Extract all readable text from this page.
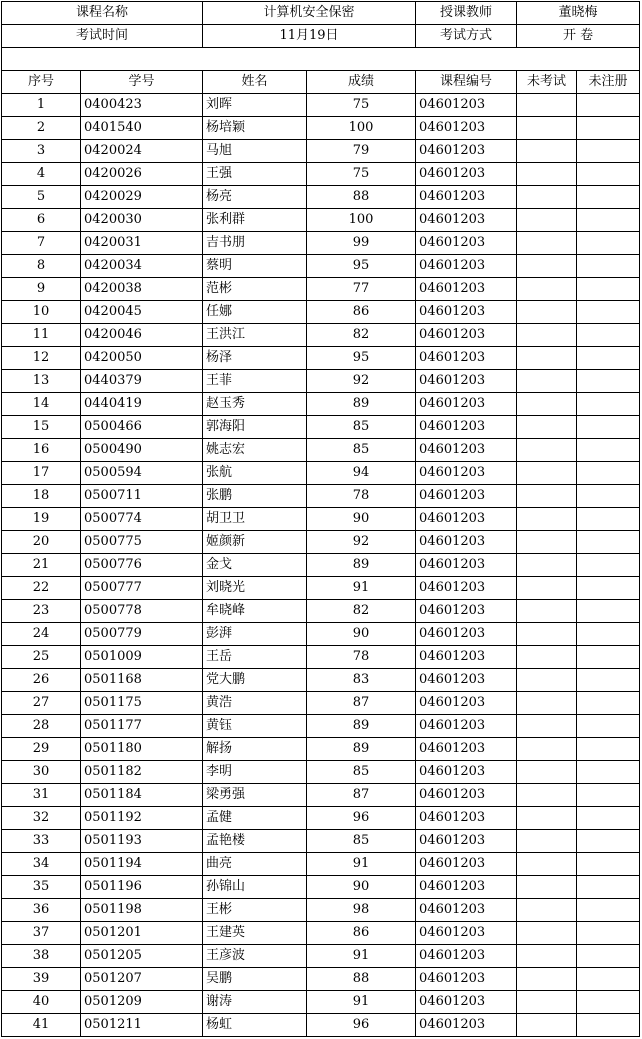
课程名称		计算机安全保密		授课教师	董晓梅	
考试时间		11月19日		考试方式	开 卷	

序号	学号	姓名	成绩	课程编号	未考试	未注册
1	0400423	刘晖	75	04601203		
2	0401540	杨培颖	100	04601203		
3	0420024	马旭	79	04601203		
4	0420026	王强	75	04601203		
5	0420029	杨亮	88	04601203		
6	0420030	张利群	100	04601203		
7	0420031	吉书朋	99	04601203		
8	0420034	蔡明	95	04601203		
9	0420038	范彬	77	04601203		
10	0420045	任娜	86	04601203		
11	0420046	王洪江	82	04601203		
12	0420050	杨泽	95	04601203		
13	0440379	王菲	92	04601203		
14	0440419	赵玉秀	89	04601203		
15	0500466	郭海阳	85	04601203		
16	0500490	姚志宏	85	04601203		
17	0500594	张航	94	04601203		
18	0500711	张鹏	78	04601203		
19	0500774	胡卫卫	90	04601203		
20	0500775	姬颜新	92	04601203		
21	0500776	金戈	89	04601203		
22	0500777	刘晓光	91	04601203		
23	0500778	牟晓峰	82	04601203		
24	0500779	彭湃	90	04601203		
25	0501009	王岳	78	04601203		
26	0501168	党大鹏	83	04601203		
27	0501175	黄浩	87	04601203		
28	0501177	黄钰	89	04601203		
29	0501180	解扬	89	04601203		
30	0501182	李明	85	04601203		
31	0501184	梁勇强	87	04601203		
32	0501192	孟健	96	04601203		
33	0501193	孟艳楼	85	04601203		
34	0501194	曲亮	91	04601203		
35	0501196	孙锦山	90	04601203		
36	0501198	王彬	98	04601203		
37	0501201	王建英	86	04601203		
38	0501205	王彦波	91	04601203		
39	0501207	吴鹏	88	04601203		
40	0501209	谢涛	91	04601203		
41	0501211	杨虹	96	04601203		
